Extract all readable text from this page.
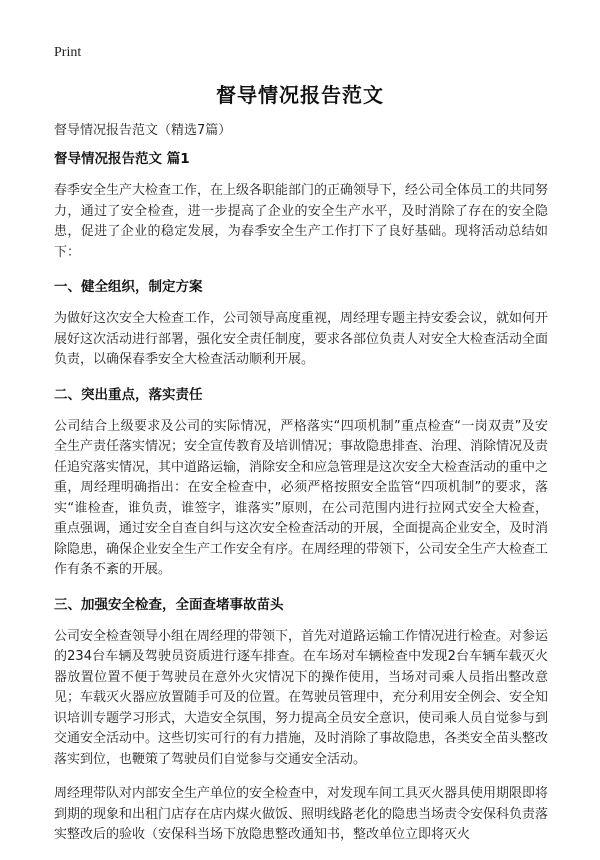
Print
督导情况报告范文
督导情况报告范文（精选7篇）
督导情况报告范文 篇1
春季安全生产大检查工作，在上级各职能部门的正确领导下，经公司全体员工的共同努力，通过了安全检查，进一步提高了企业的安全生产水平，及时消除了存在的安全隐患，促进了企业的稳定发展，为春季安全生产工作打下了良好基础。现将活动总结如下：
一、健全组织，制定方案
为做好这次安全大检查工作，公司领导高度重视，周经理专题主持安委会议，就如何开展好这次活动进行部署，强化安全责任制度，要求各部位负责人对安全大检查活动全面负责，以确保春季安全大检查活动顺利开展。
二、突出重点，落实责任
公司结合上级要求及公司的实际情况，严格落实“四项机制”重点检查“一岗双责”及安全生产责任落实情况；安全宣传教育及培训情况；事故隐患排查、治理、消除情况及责任追究落实情况，其中道路运输，消除安全和应急管理是这次安全大检查活动的重中之重，周经理明确指出：在安全检查中，必须严格按照安全监管“四项机制”的要求，落实“谁检查，谁负责，谁签字，谁落实”原则，在公司范围内进行拉网式安全大检查，重点强调，通过安全自查自纠与这次安全检查活动的开展，全面提高企业安全，及时消除隐患，确保企业安全生产工作安全有序。在周经理的带领下，公司安全生产大检查工作有条不紊的开展。
三、加强安全检查，全面查堵事故苗头
公司安全检查领导小组在周经理的带领下，首先对道路运输工作情况进行检查。对参运的234台车辆及驾驶员资质进行逐车排查。在车场对车辆检查中发现2台车辆车载灭火器放置位置不便于驾驶员在意外火灾情况下的操作使用，当场对司乘人员指出整改意见；车载灭火器应放置随手可及的位置。在驾驶员管理中，充分利用安全例会、安全知识培训专题学习形式，大造安全氛围，努力提高全员安全意识，使司乘人员自觉参与到交通安全活动中。这些切实可行的有力措施，及时消除了事故隐患，各类安全苗头整改落实到位，也鞭策了驾驶员们自觉参与交通安全活动。
周经理带队对内部安全生产单位的安全检查中，对发现车间工具灭火器具使用期限即将到期的现象和出租门店存在店内煤火做饭、照明线路老化的隐患当场责令安保科负责落实整改后的验收（安保科当场下放隐患整改通知书，整改单位立即将灭火
